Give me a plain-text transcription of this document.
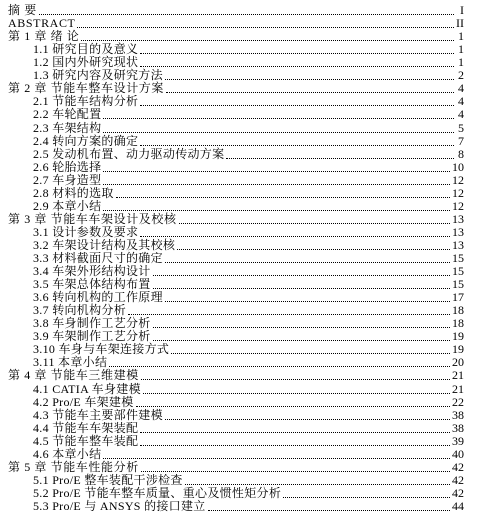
摘 要	I
ABSTRACT	II
第 1 章 绪 论	1
1.1 研究目的及意义	1
1.2 国内外研究现状	1
1.3 研究内容及研究方法	2
第 2 章 节能车整车设计方案	4
2.1 节能车结构分析	4
2.2 车轮配置	4
2.3 车架结构	5
2.4 转向方案的确定	7
2.5 发动机布置、动力驱动传动方案	8
2.6 轮胎选择	10
2.7 车身造型	12
2.8 材料的选取	12
2.9 本章小结	12
第 3 章 节能车车架设计及校核	13
3.1 设计参数及要求	13
3.2 车架设计结构及其校核	13
3.3 材料截面尺寸的确定	15
3.4 车架外形结构设计	15
3.5 车架总体结构布置	15
3.6 转向机构的工作原理	17
3.7 转向机构分析	18
3.8 车身制作工艺分析	18
3.9 车架制作工艺分析	19
3.10 车身与车架连接方式	19
3.11 本章小结	20
第 4 章 节能车三维建模	21
4.1 CATIA 车身建模	21
4.2 Pro/E 车架建模	22
4.3 节能车主要部件建模	38
4.4 节能车车架装配	38
4.5 节能车整车装配	39
4.6 本章小结	40
第 5 章 节能车性能分析	42
5.1 Pro/E 整车装配干涉检查	42
5.2 Pro/E 节能车整车质量、重心及惯性矩分析	42
5.3 Pro/E 与 ANSYS 的接口建立	44
